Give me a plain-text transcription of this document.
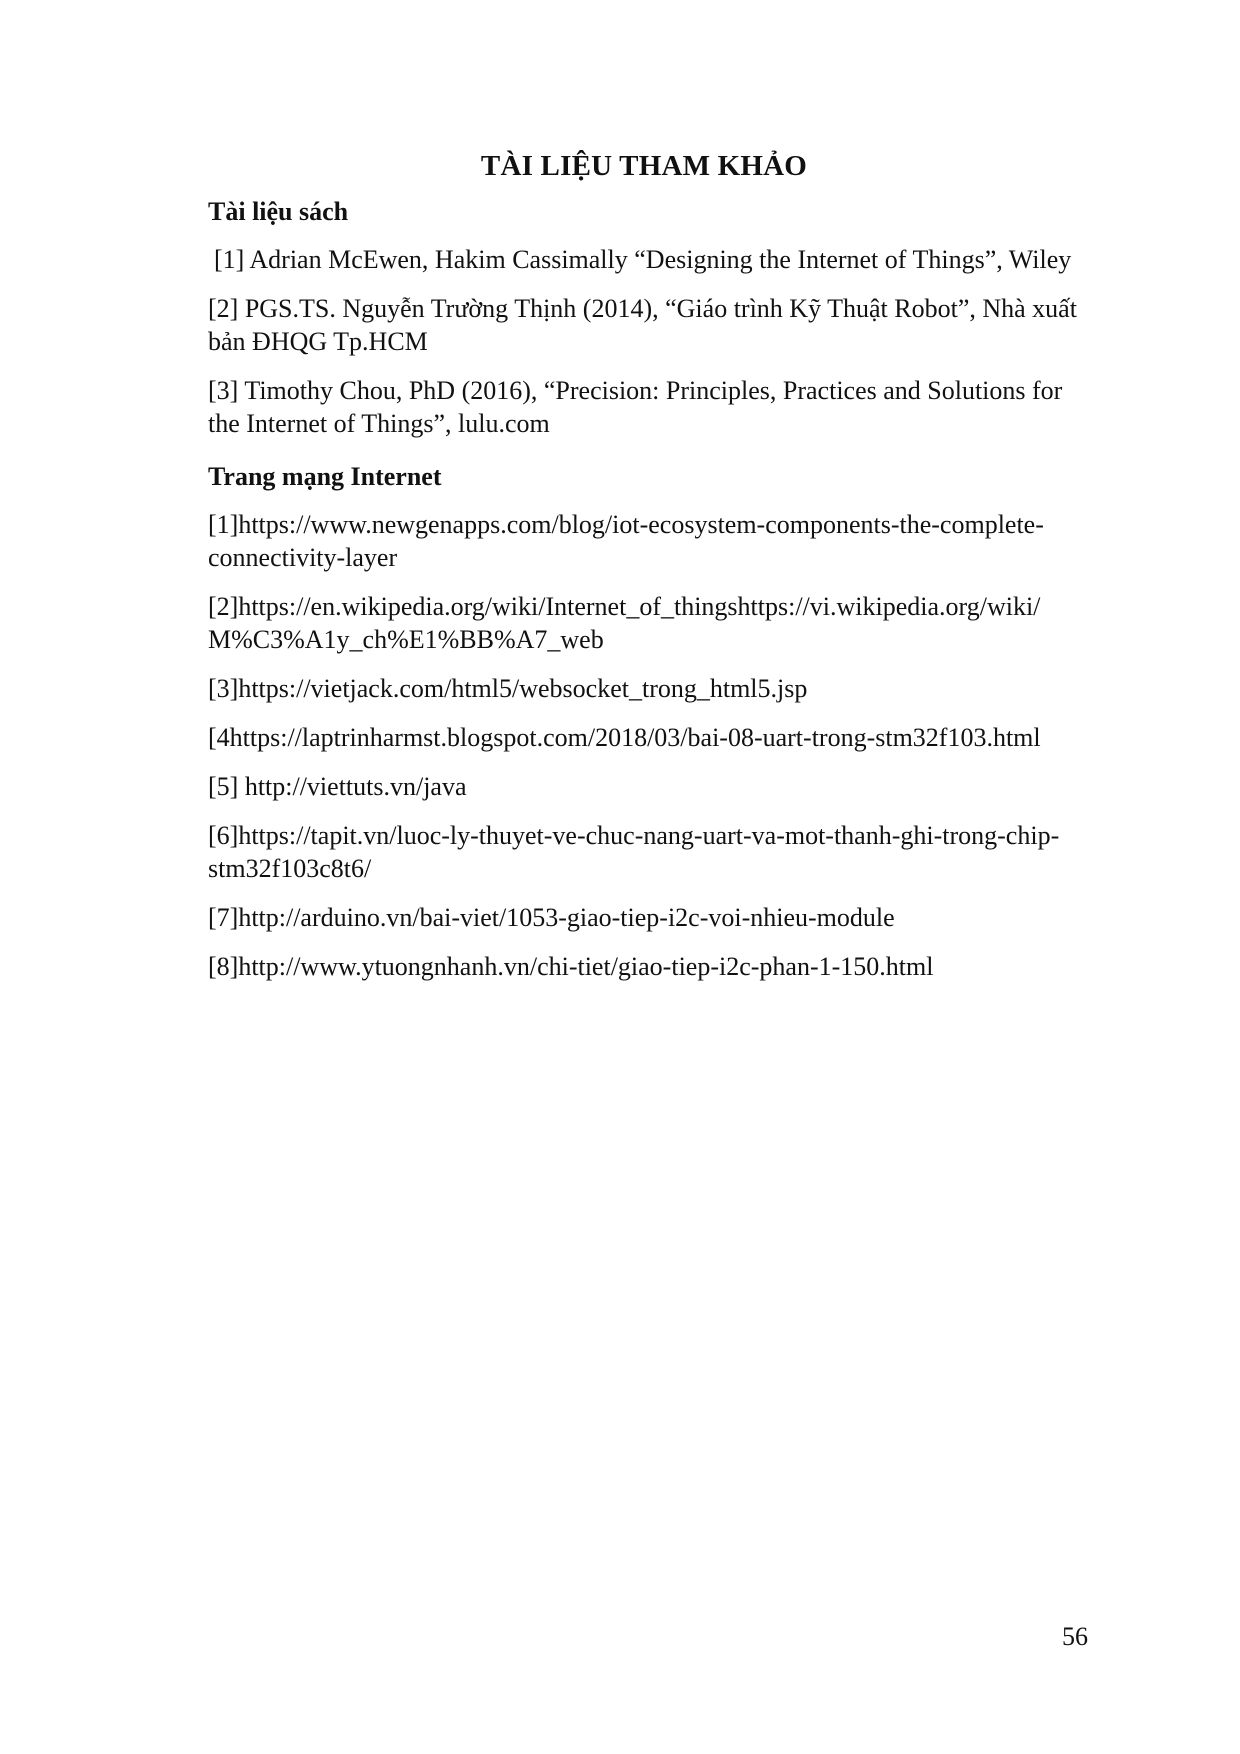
TÀI LIỆU THAM KHẢO
Tài liệu sách
[1] Adrian McEwen, Hakim Cassimally “Designing the Internet of Things”, Wiley
[2] PGS.TS. Nguyễn Trường Thịnh (2014), “Giáo trình Kỹ Thuật Robot”, Nhà xuất bản ĐHQG Tp.HCM
[3] Timothy Chou, PhD (2016), “Precision: Principles, Practices and Solutions for the Internet of Things”, lulu.com
Trang mạng Internet
[1]https://www.newgenapps.com/blog/iot-ecosystem-components-the-complete-connectivity-layer
[2]https://en.wikipedia.org/wiki/Internet_of_thingshttps://vi.wikipedia.org/wiki/ M%C3%A1y_ch%E1%BB%A7_web
[3]https://vietjack.com/html5/websocket_trong_html5.jsp
[4https://laptrinharmst.blogspot.com/2018/03/bai-08-uart-trong-stm32f103.html
[5] http://viettuts.vn/java
[6]https://tapit.vn/luoc-ly-thuyet-ve-chuc-nang-uart-va-mot-thanh-ghi-trong-chip-stm32f103c8t6/
[7]http://arduino.vn/bai-viet/1053-giao-tiep-i2c-voi-nhieu-module
[8]http://www.ytuongnhanh.vn/chi-tiet/giao-tiep-i2c-phan-1-150.html
56
